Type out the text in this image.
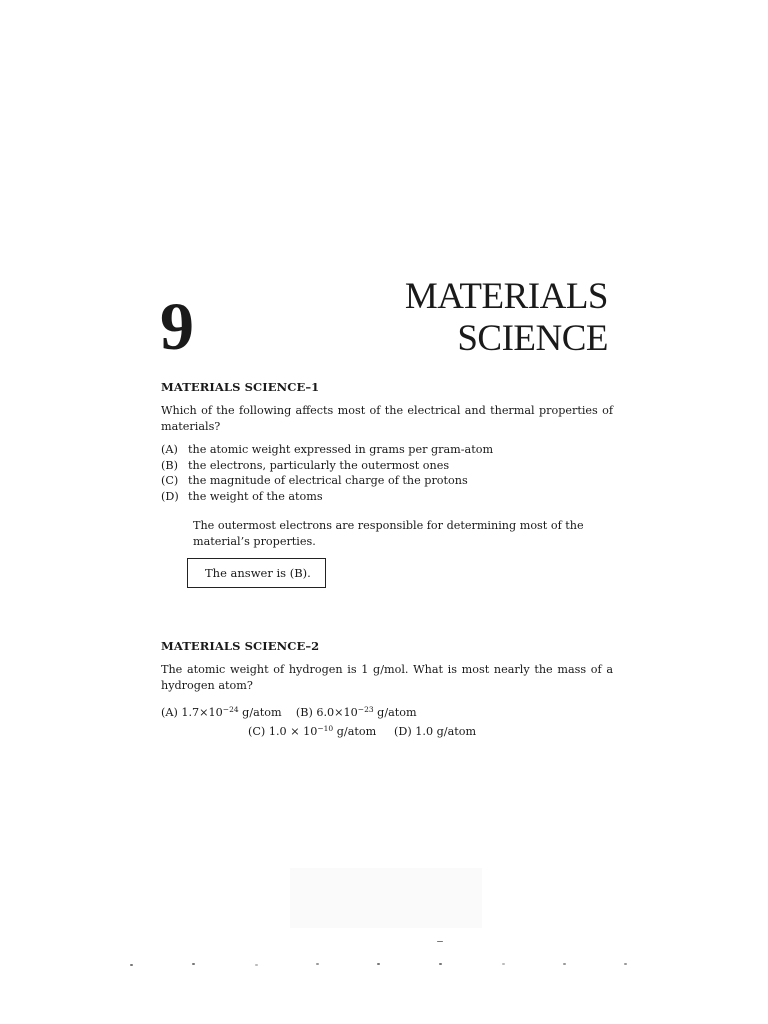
9	MATERIALS
SCIENCE
MATERIALS SCIENCE–1
Which of the following affects most of the electrical and thermal properties of materials?
(A) the atomic weight expressed in grams per gram-atom
(B) the electrons, particularly the outermost ones
(C) the magnitude of electrical charge of the protons
(D) the weight of the atoms
The outermost electrons are responsible for determining most of the material’s properties.
The answer is (B).
MATERIALS SCIENCE–2
The atomic weight of hydrogen is 1 g/mol. What is most nearly the mass of a hydrogen atom?
(A) $1.7\times 10^{-24}$ g/atom (B) $6.0\times 10^{-23}$ g/atom
(C) $1.0 \times 10^{-10}$ g/atom (D) 1.0 g/atom
